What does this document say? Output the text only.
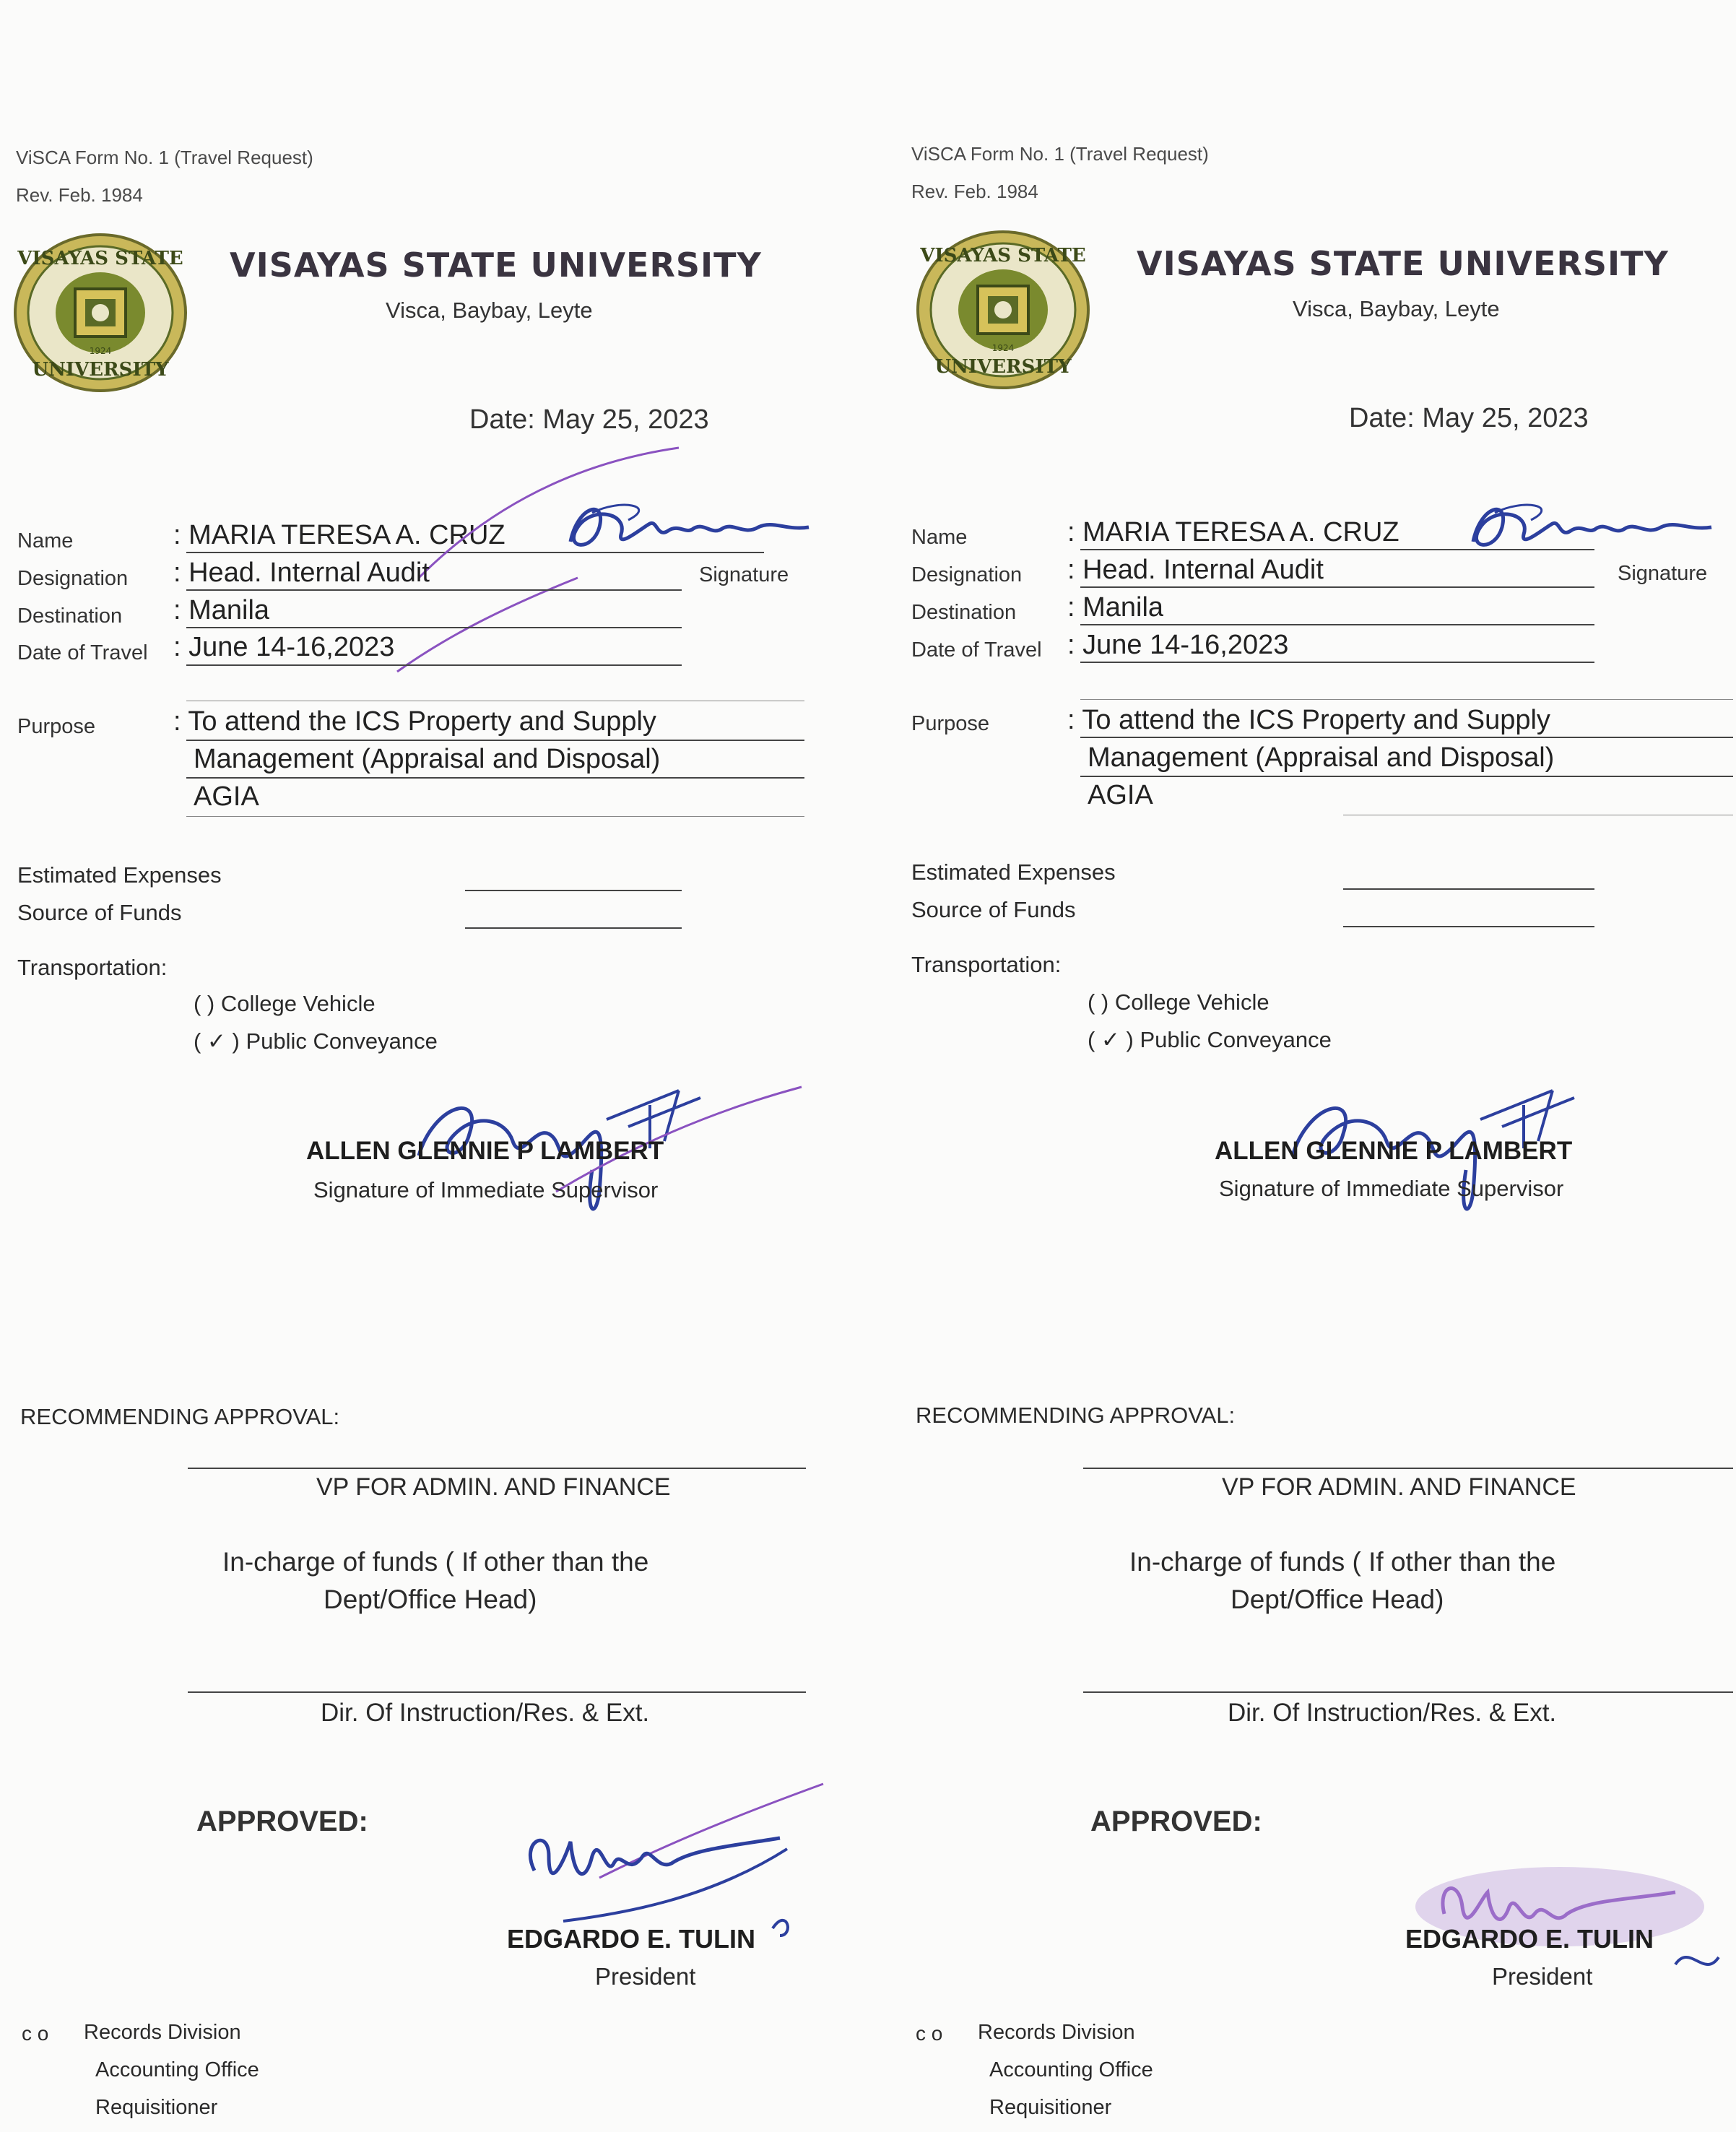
ViSCA Form No. 1 (Travel Request)
Rev. Feb. 1984
VISAYAS STATE
UNIVERSITY
1924
VISAYAS STATE UNIVERSITY
Visca, Baybay, Leyte
Date: May 25, 2023
Name	: MARIA TERESA A. CRUZ
Signature
Designation : Head. Internal Audit
Destination : Manila
Date of Travel : June 14-16,2023
Purpose	: To attend the ICS Property and Supply
Management (Appraisal and Disposal)
AGIA
Estimated Expenses
Source of Funds
Transportation:
( ) College Vehicle
( ✓ ) Public Conveyance
ALLEN GLENNIE P LAMBERT
Signature of Immediate Supervisor
RECOMMENDING APPROVAL:
VP FOR ADMIN. AND FINANCE
In-charge of funds ( If other than the
Dept/Office Head)
Dir. Of Instruction/Res. & Ext.
APPROVED:
EDGARDO E. TULIN
President
c o Records Division
Accounting Office
Requisitioner
ViSCA Form No. 1 (Travel Request)
Rev. Feb. 1984
VISAYAS STATE
UNIVERSITY
1924
VISAYAS STATE UNIVERSITY
Visca, Baybay, Leyte
Date: May 25, 2023
Name	: MARIA TERESA A. CRUZ
Signature
Designation : Head. Internal Audit
Destination : Manila
Date of Travel : June 14-16,2023
Purpose	: To attend the ICS Property and Supply
Management (Appraisal and Disposal)
AGIA
Estimated Expenses
Source of Funds
Transportation:
( ) College Vehicle
( ✓ ) Public Conveyance
ALLEN GLENNIE P LAMBERT
Signature of Immediate Supervisor
RECOMMENDING APPROVAL:
VP FOR ADMIN. AND FINANCE
In-charge of funds ( If other than the
Dept/Office Head)
Dir. Of Instruction/Res. & Ext.
APPROVED:
EDGARDO E. TULIN
President
c o Records Division
Accounting Office
Requisitioner
